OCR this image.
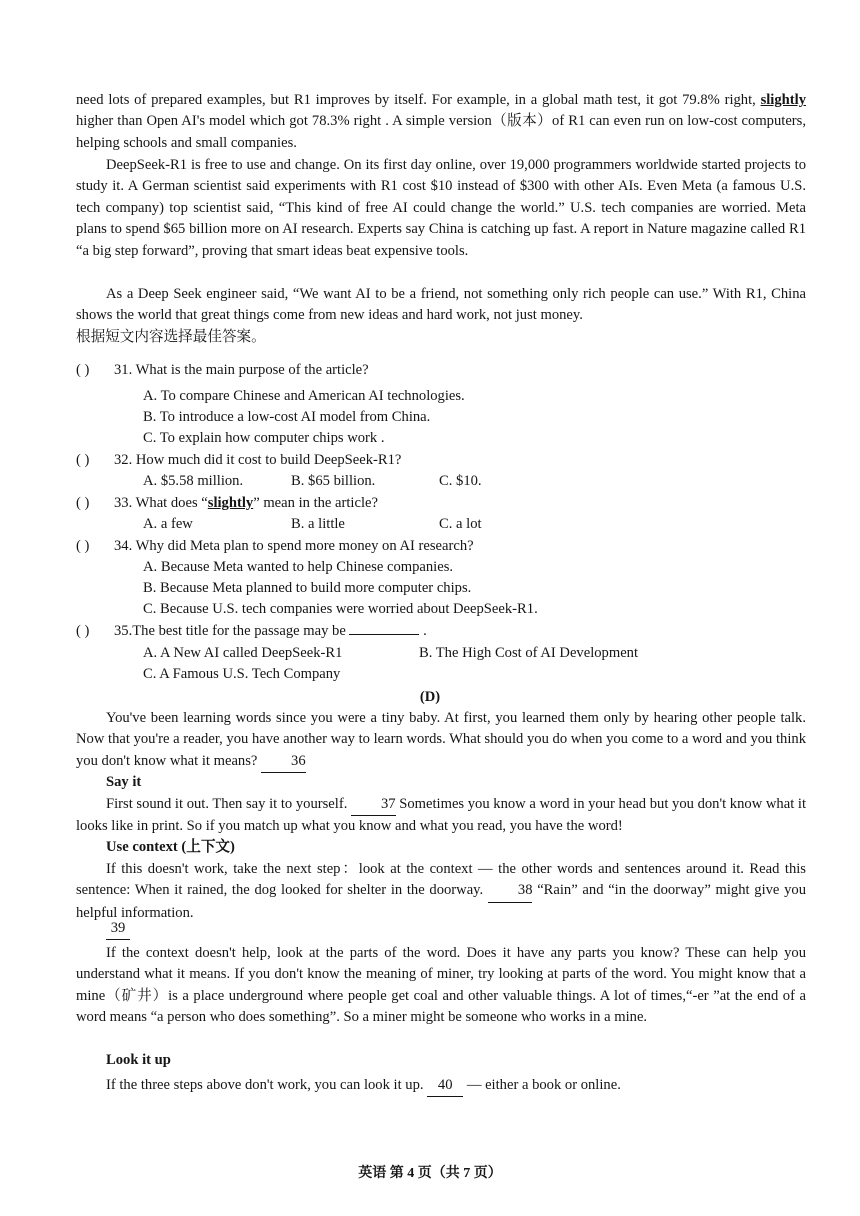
need lots of prepared examples, but R1 improves by itself. For example, in a global math test, it got 79.8% right, slightly higher than Open AI's model which got 78.3% right . A simple version（版本）of R1 can even run on low-cost computers, helping schools and small companies.

DeepSeek-R1 is free to use and change. On its first day online, over 19,000 programmers worldwide started projects to study it. A German scientist said experiments with R1 cost $10 instead of $300 with other AIs. Even Meta (a famous U.S. tech company) top scientist said, “This kind of free AI could change the world.” U.S. tech companies are worried. Meta plans to spend $65 billion more on AI research. Experts say China is catching up fast. A report in Nature magazine called R1 “a big step forward”, proving that smart ideas beat expensive tools.

As a Deep Seek engineer said, “We want AI to be a friend, not something only rich people can use.” With R1, China shows the world that great things come from new ideas and hard work, not just money.

根据短文内容选择最佳答案。
( ) 31. What is the main purpose of the article?
A. To compare Chinese and American AI technologies.
B. To introduce a low-cost AI model from China.
C. To explain how computer chips work .
( ) 32. How much did it cost to build DeepSeek-R1?
A. $5.58 million.	B. $65 billion.	C. $10.
( ) 33. What does “slightly” mean in the article?
A. a few	B. a little	C. a lot
( ) 34. Why did Meta plan to spend more money on AI research?
A. Because Meta wanted to help Chinese companies.
B. Because Meta planned to build more computer chips.
C. Because U.S. tech companies were worried about DeepSeek-R1.
( ) 35.The best title for the passage may be	.
A. A New AI called DeepSeek-R1	B. The High Cost of AI Development
C. A Famous U.S. Tech Company
(D)

You've been learning words since you were a tiny baby. At first, you learned them only by hearing other people talk. Now that you're a reader, you have another way to learn words. What should you do when you come to a word and you think you don't know what it means? 36

Say it

First sound it out. Then say it to yourself. 37 Sometimes you know a word in your head but you don't know what it looks like in print. So if you match up what you know and what you read, you have the word!

Use context (上下文)

If this doesn't work, take the next step：look at the context — the other words and sentences around it. Read this sentence: When it rained, the dog looked for shelter in the doorway. 38 “Rain” and “in the doorway” might give you helpful information.

39

If the context doesn't help, look at the parts of the word. Does it have any parts you know? These can help you understand what it means. If you don't know the meaning of miner, try looking at parts of the word. You might know that a mine（矿井）is a place underground where people get coal and other valuable things. A lot of times,“-er ”at the end of a word means “a person who does something”. So a miner might be someone who works in a mine.

Look it up
If the three steps above don't work, you can look it up. 40 — either a book or online.
英语 第 4 页（共 7 页）
